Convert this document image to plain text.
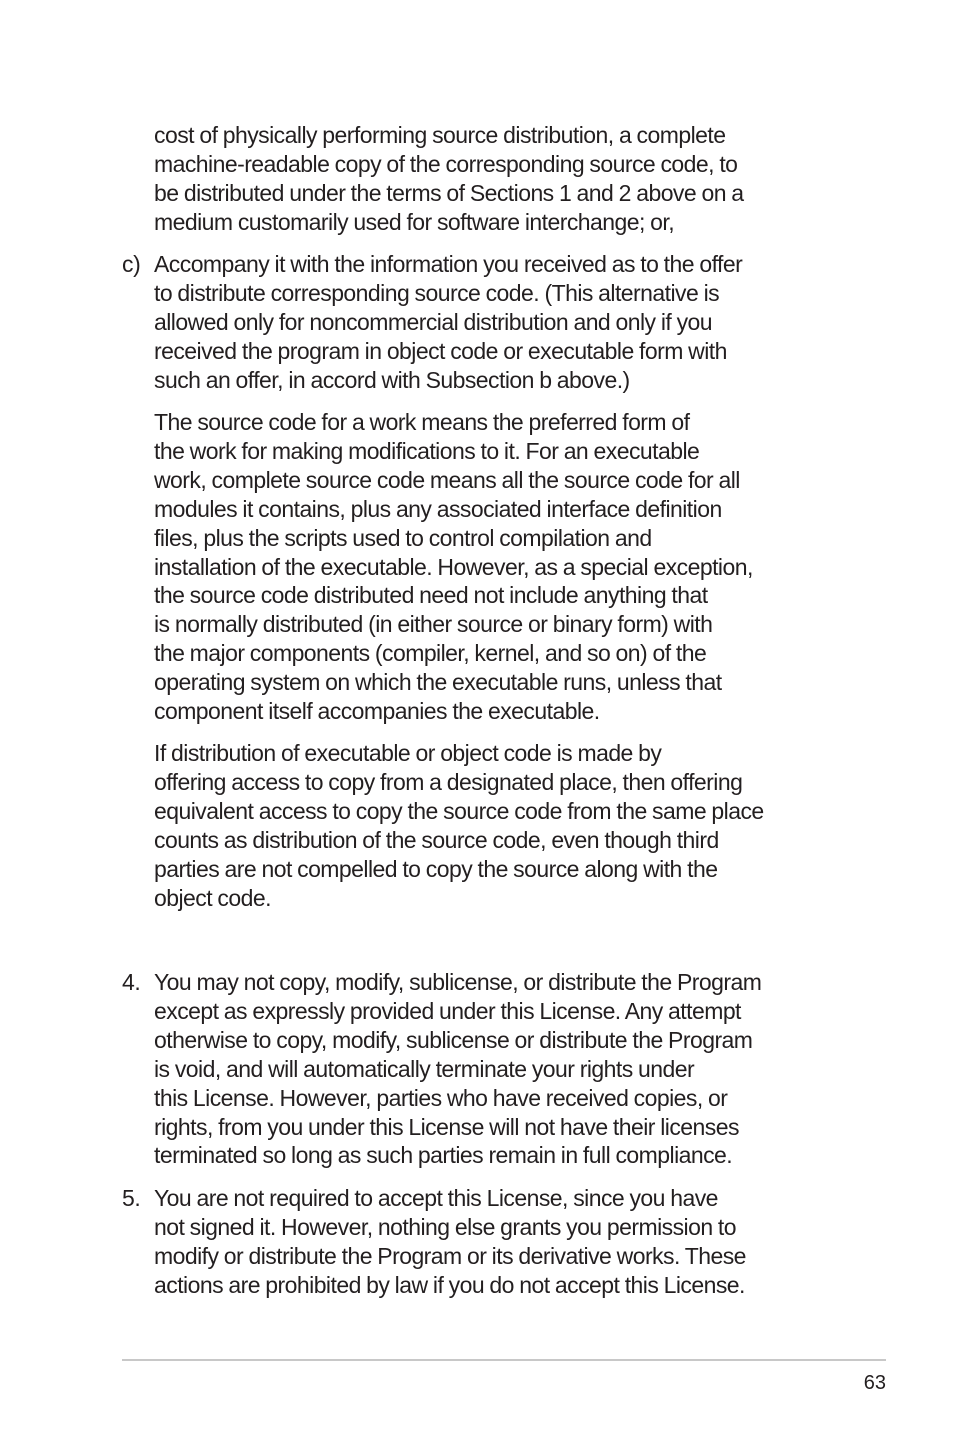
cost of physically performing source distribution, a complete
machine-readable copy of the corresponding source code, to
be distributed under the terms of Sections 1 and 2 above on a
medium customarily used for software interchange; or,
c) Accompany it with the information you received as to the offer
to distribute corresponding source code. (This alternative is
allowed only for noncommercial distribution and only if you
received the program in object code or executable form with
such an offer, in accord with Subsection b above.)
The source code for a work means the preferred form of
the work for making modifications to it. For an executable
work, complete source code means all the source code for all
modules it contains, plus any associated interface definition
files, plus the scripts used to control compilation and
installation of the executable. However, as a special exception,
the source code distributed need not include anything that
is normally distributed (in either source or binary form) with
the major components (compiler, kernel, and so on) of the
operating system on which the executable runs, unless that
component itself accompanies the executable.
If distribution of executable or object code is made by
offering access to copy from a designated place, then offering
equivalent access to copy the source code from the same place
counts as distribution of the source code, even though third
parties are not compelled to copy the source along with the
object code.
4. You may not copy, modify, sublicense, or distribute the Program
except as expressly provided under this License. Any attempt
otherwise to copy, modify, sublicense or distribute the Program
is void, and will automatically terminate your rights under
this License. However, parties who have received copies, or
rights, from you under this License will not have their licenses
terminated so long as such parties remain in full compliance.
5. You are not required to accept this License, since you have
not signed it. However, nothing else grants you permission to
modify or distribute the Program or its derivative works. These
actions are prohibited by law if you do not accept this License.
63
